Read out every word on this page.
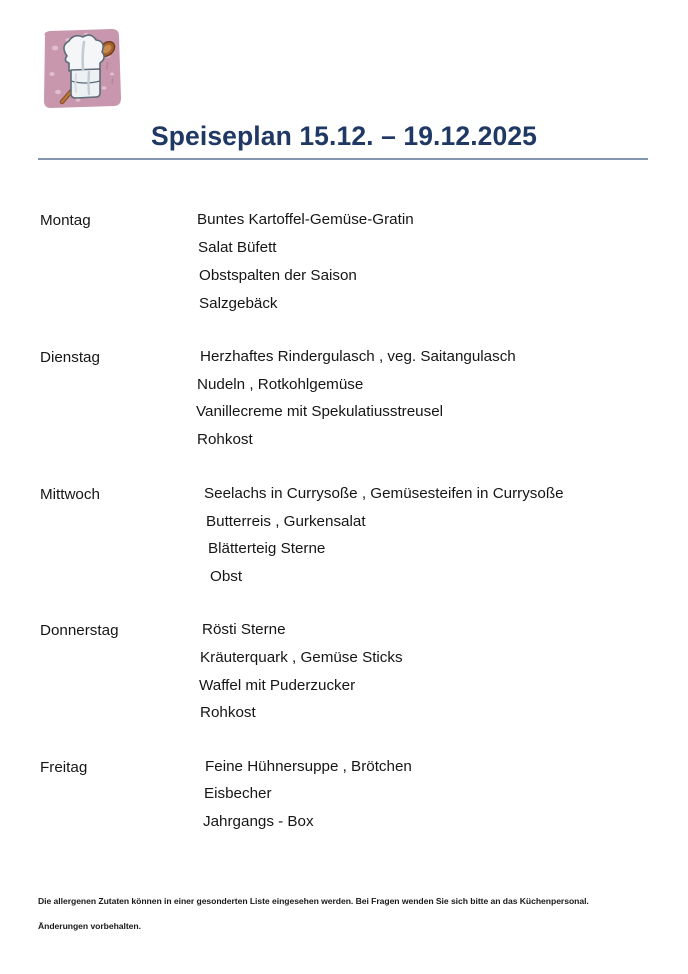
Speiseplan 15.12. – 19.12.2025
Montag	Buntes Kartoffel-Gemüse-Gratin
Salat Büfett
Obstspalten der Saison
Salzgebäck
Dienstag	Herzhaftes Rindergulasch , veg. Saitangulasch
Nudeln , Rotkohlgemüse
Vanillecreme mit Spekulatiusstreusel
Rohkost
Mittwoch	Seelachs in Currysoße , Gemüsesteifen in Currysoße
Butterreis , Gurkensalat
Blätterteig Sterne
Obst
Donnerstag	Rösti Sterne
Kräuterquark , Gemüse Sticks
Waffel mit Puderzucker
Rohkost
Freitag	Feine Hühnersuppe , Brötchen
Eisbecher
Jahrgangs - Box
Die allergenen Zutaten können in einer gesonderten Liste eingesehen werden. Bei Fragen wenden Sie sich bitte an das Küchenpersonal.
Änderungen vorbehalten.
